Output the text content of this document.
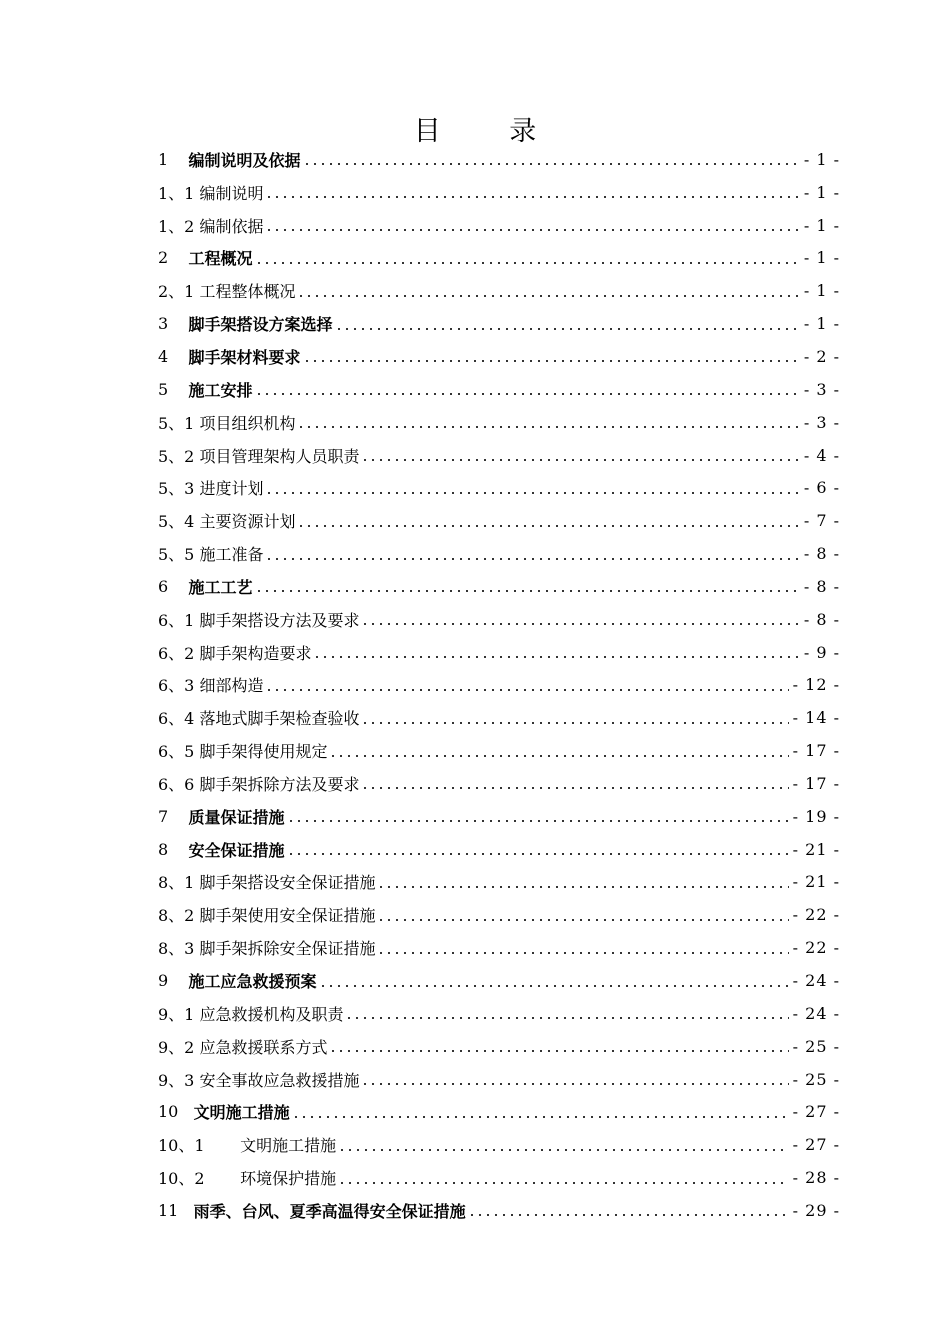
目 录
1 编制说明及依据	- 1 -
1、1 编制说明	- 1 -
1、2 编制依据	- 1 -
2 工程概况	- 1 -
2、1 工程整体概况	- 1 -
3 脚手架搭设方案选择	- 1 -
4 脚手架材料要求	- 2 -
5 施工安排	- 3 -
5、1 项目组织机构	- 3 -
5、2 项目管理架构人员职责	- 4 -
5、3 进度计划	- 6 -
5、4 主要资源计划	- 7 -
5、5 施工准备	- 8 -
6 施工工艺	- 8 -
6、1 脚手架搭设方法及要求	- 8 -
6、2 脚手架构造要求	- 9 -
6、3 细部构造	- 12 -
6、4 落地式脚手架检查验收	- 14 -
6、5 脚手架得使用规定	- 17 -
6、6 脚手架拆除方法及要求	- 17 -
7 质量保证措施	- 19 -
8 安全保证措施	- 21 -
8、1 脚手架搭设安全保证措施	- 21 -
8、2 脚手架使用安全保证措施	- 22 -
8、3 脚手架拆除安全保证措施	- 22 -
9 施工应急救援预案	- 24 -
9、1 应急救援机构及职责	- 24 -
9、2 应急救援联系方式	- 25 -
9、3 安全事故应急救援措施	- 25 -
10 文明施工措施	- 27 -
10、1 文明施工措施	- 27 -
10、2 环境保护措施	- 28 -
11 雨季、台风、夏季高温得安全保证措施	- 29 -
